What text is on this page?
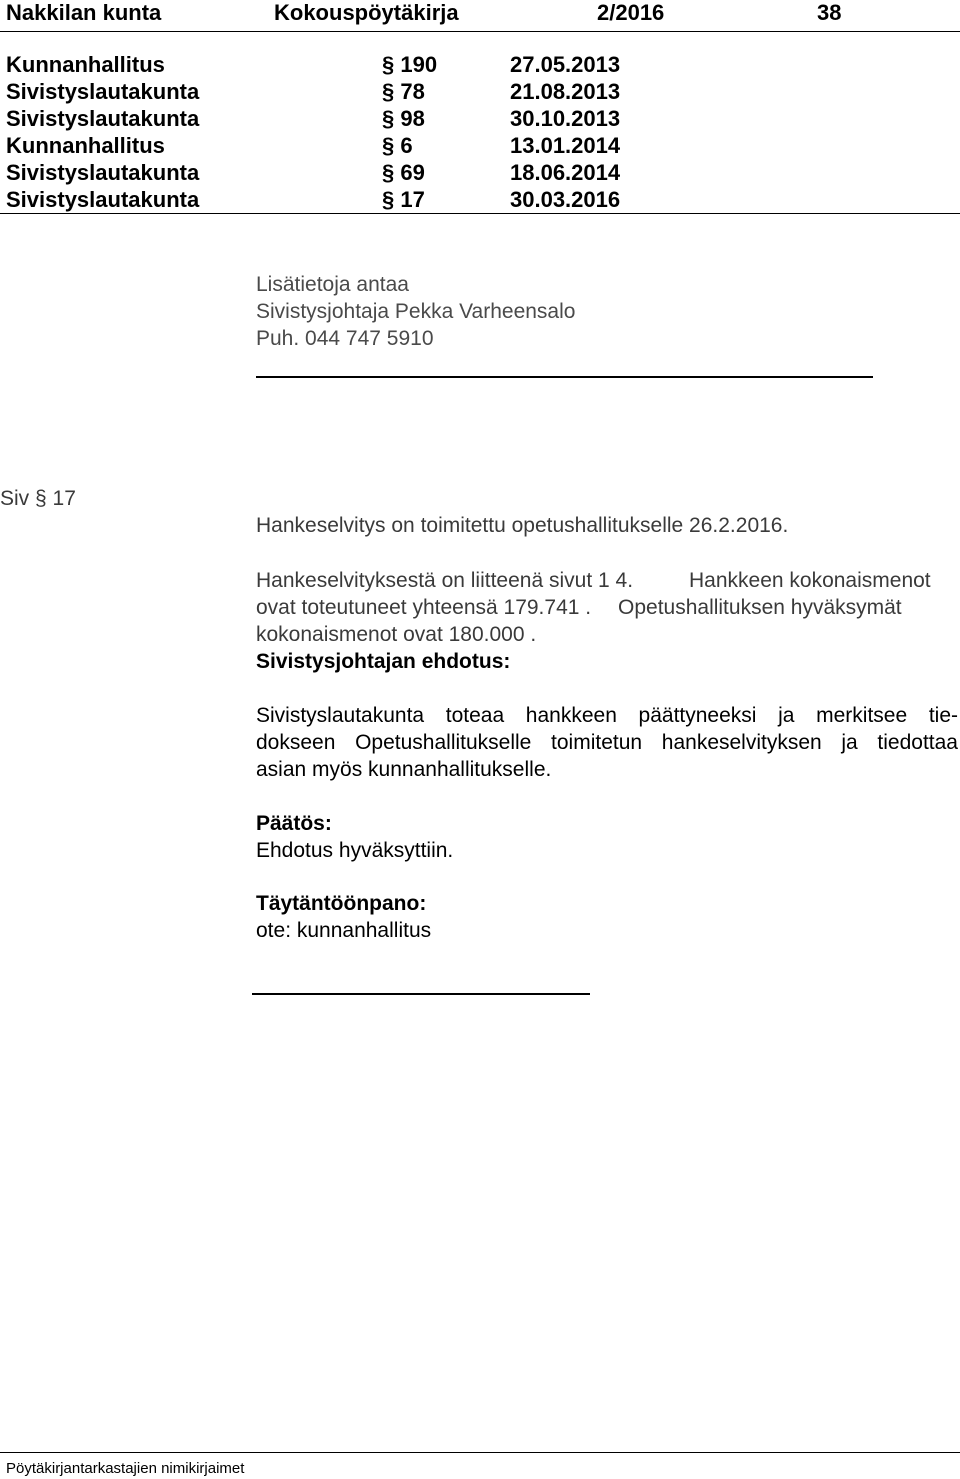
Nakkilan kunta	Kokouspöytäkirja	2/2016	38
Kunnanhallitus	§ 190	27.05.2013
Sivistyslautakunta	§ 78	21.08.2013
Sivistyslautakunta	§ 98	30.10.2013
Kunnanhallitus	§ 6	13.01.2014
Sivistyslautakunta	§ 69	18.06.2014
Sivistyslautakunta	§ 17	30.03.2016
Lisätietoja antaa
Sivistysjohtaja Pekka Varheensalo
Puh. 044 747 5910
Siv § 17
Hankeselvitys on toimitettu opetushallitukselle 26.2.2016.
Hankeselvityksestä on liitteenä sivut 1 4.	Hankkeen kokonaismenot
ovat toteutuneet yhteensä 179.741 . Opetushallituksen hyväksymät
kokonaismenot ovat 180.000 .
Sivistysjohtajan ehdotus:
Sivistyslautakunta toteaa hankkeen päättyneeksi ja merkitsee tie-
dokseen Opetushallitukselle toimitetun hankeselvityksen ja tiedottaa
asian myös kunnanhallitukselle.
Päätös:
Ehdotus hyväksyttiin.
Täytäntöönpano:
ote: kunnanhallitus
Pöytäkirjantarkastajien nimikirjaimet
